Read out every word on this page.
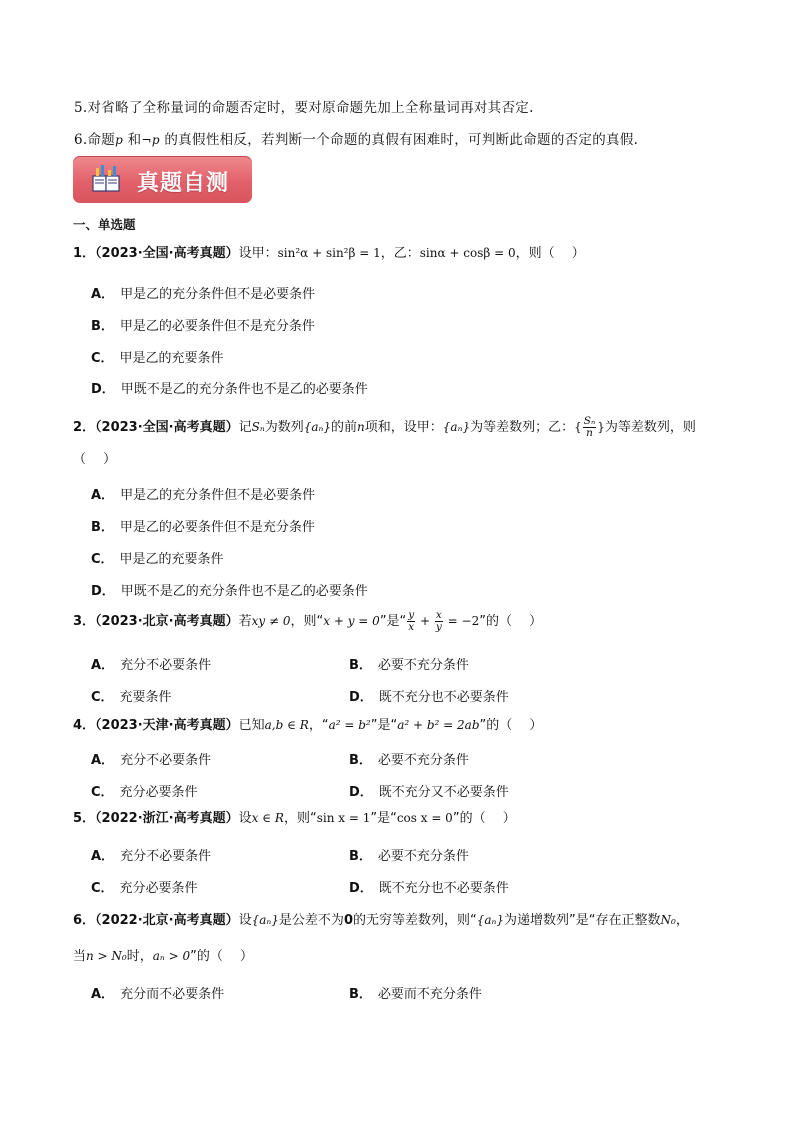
5.对省略了全称量词的命题否定时，要对原命题先加上全称量词再对其否定.
6.命题p 和¬p 的真假性相反，若判断一个命题的真假有困难时，可判断此命题的否定的真假.
真题自测
一、单选题
1．（2023·全国·高考真题）设甲：sin²α + sin²β = 1，乙：sinα + cosβ = 0，则（　 ）
A． 甲是乙的充分条件但不是必要条件
B． 甲是乙的必要条件但不是充分条件
C． 甲是乙的充要条件
D． 甲既不是乙的充分条件也不是乙的必要条件
2．（2023·全国·高考真题）记Sₙ为数列{aₙ}的前n项和，设甲：{aₙ}为等差数列；乙：{ $\frac{\text{Sₙ}}{n}$ }为等差数列，则
（　 ）
A． 甲是乙的充分条件但不是必要条件
B． 甲是乙的必要条件但不是充分条件
C． 甲是乙的充要条件
D． 甲既不是乙的充分条件也不是乙的必要条件
3．（2023·北京·高考真题）若xy ≠ 0，则“x + y = 0”是“ $\frac{y}{x} + \frac{x}{y} = -2$”的（　 ）
A． 充分不必要条件	B． 必要不充分条件
C． 充要条件	D． 既不充分也不必要条件
4．（2023·天津·高考真题）已知a,b ∈ R，“a² = b²”是“a² + b² = 2ab”的（　 ）
A． 充分不必要条件	B． 必要不充分条件
C． 充分必要条件	D． 既不充分又不必要条件
5．（2022·浙江·高考真题）设x ∈ R，则“sin x = 1”是“cos x = 0”的（　 ）
A． 充分不必要条件	B． 必要不充分条件
C． 充分必要条件	D． 既不充分也不必要条件
6．（2022·北京·高考真题）设{aₙ}是公差不为0的无穷等差数列，则“{aₙ}为递增数列”是“存在正整数N₀，
当n > N₀时，aₙ > 0”的（　 ）
A． 充分而不必要条件	B． 必要而不充分条件
